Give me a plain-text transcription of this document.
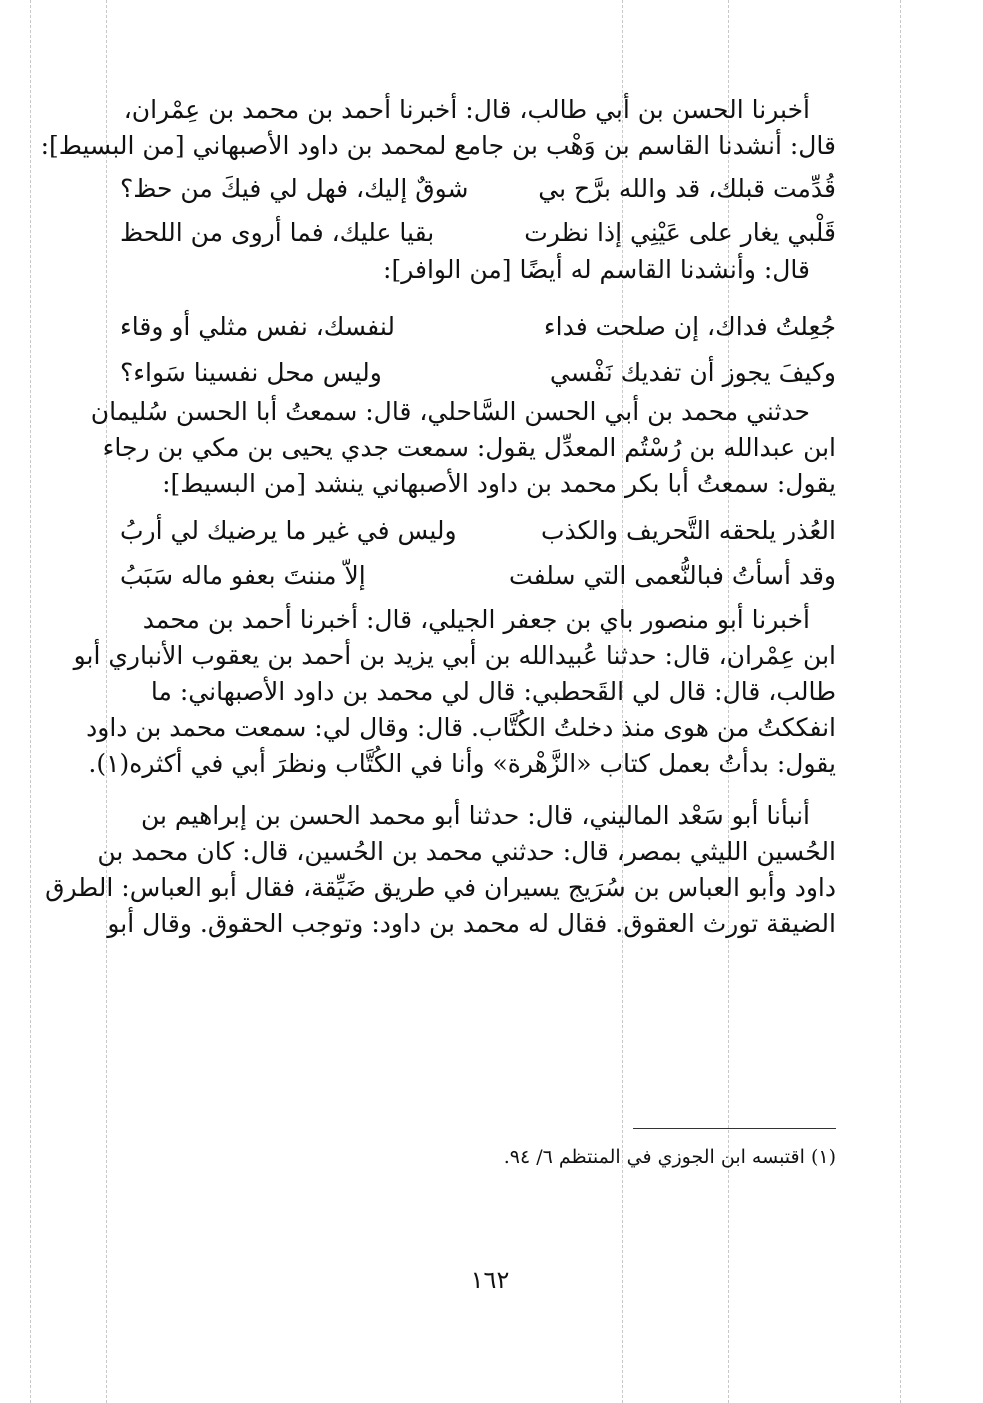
أخبرنا الحسن بن أبي طالب، قال: أخبرنا أحمد بن محمد بن عِمْران،
قال: أنشدنا القاسم بن وَهْب بن جامع لمحمد بن داود الأصبهاني [من البسيط]:
قُدِّمت قبلك، قد والله برَّح بي
شوقٌ إليك، فهل لي فيكَ من حظ؟
قَلْبي يغار على عَيْنِي إذا نظرت
بقيا عليك، فما أروى من اللحظ
قال: وأنشدنا القاسم له أيضًا [من الوافر]:
جُعِلتُ فداك، إن صلحت فداء
لنفسك، نفس مثلي أو وقاء
وكيفَ يجوز أن تفديك نَفْسي
وليس محل نفسينا سَواء؟
حدثني محمد بن أبي الحسن السَّاحلي، قال: سمعتُ أبا الحسن سُليمان
ابن عبدالله بن رُسْتُم المعدِّل يقول: سمعت جدي يحيى بن مكي بن رجاء
يقول: سمعتُ أبا بكر محمد بن داود الأصبهاني ينشد [من البسيط]:
العُذر يلحقه التَّحريف والكذب
وليس في غير ما يرضيك لي أربُ
وقد أسأتُ فبالنُّعمى التي سلفت
إلاّ مننتَ بعفو ماله سَبَبُ
أخبرنا أبو منصور باي بن جعفر الجيلي، قال: أخبرنا أحمد بن محمد
ابن عِمْران، قال: حدثنا عُبيدالله بن أبي يزيد بن أحمد بن يعقوب الأنباري أبو
طالب، قال: قال لي القَحطبي: قال لي محمد بن داود الأصبهاني: ما
انفككتُ من هوى منذ دخلتُ الكُتَّاب. قال: وقال لي: سمعت محمد بن داود
يقول: بدأتُ بعمل كتاب «الزَّهْرة» وأنا في الكُتَّاب ونظرَ أبي في أكثره(١).
أنبأنا أبو سَعْد الماليني، قال: حدثنا أبو محمد الحسن بن إبراهيم بن
الحُسين الليثي بمصر، قال: حدثني محمد بن الحُسين، قال: كان محمد بن
داود وأبو العباس بن سُرَيج يسيران في طريق ضَيِّقة، فقال أبو العباس: الطرق
الضيقة تورث العقوق. فقال له محمد بن داود: وتوجب الحقوق. وقال أبو
(١) اقتبسه ابن الجوزي في المنتظم ٦/ ٩٤.
١٦٢
